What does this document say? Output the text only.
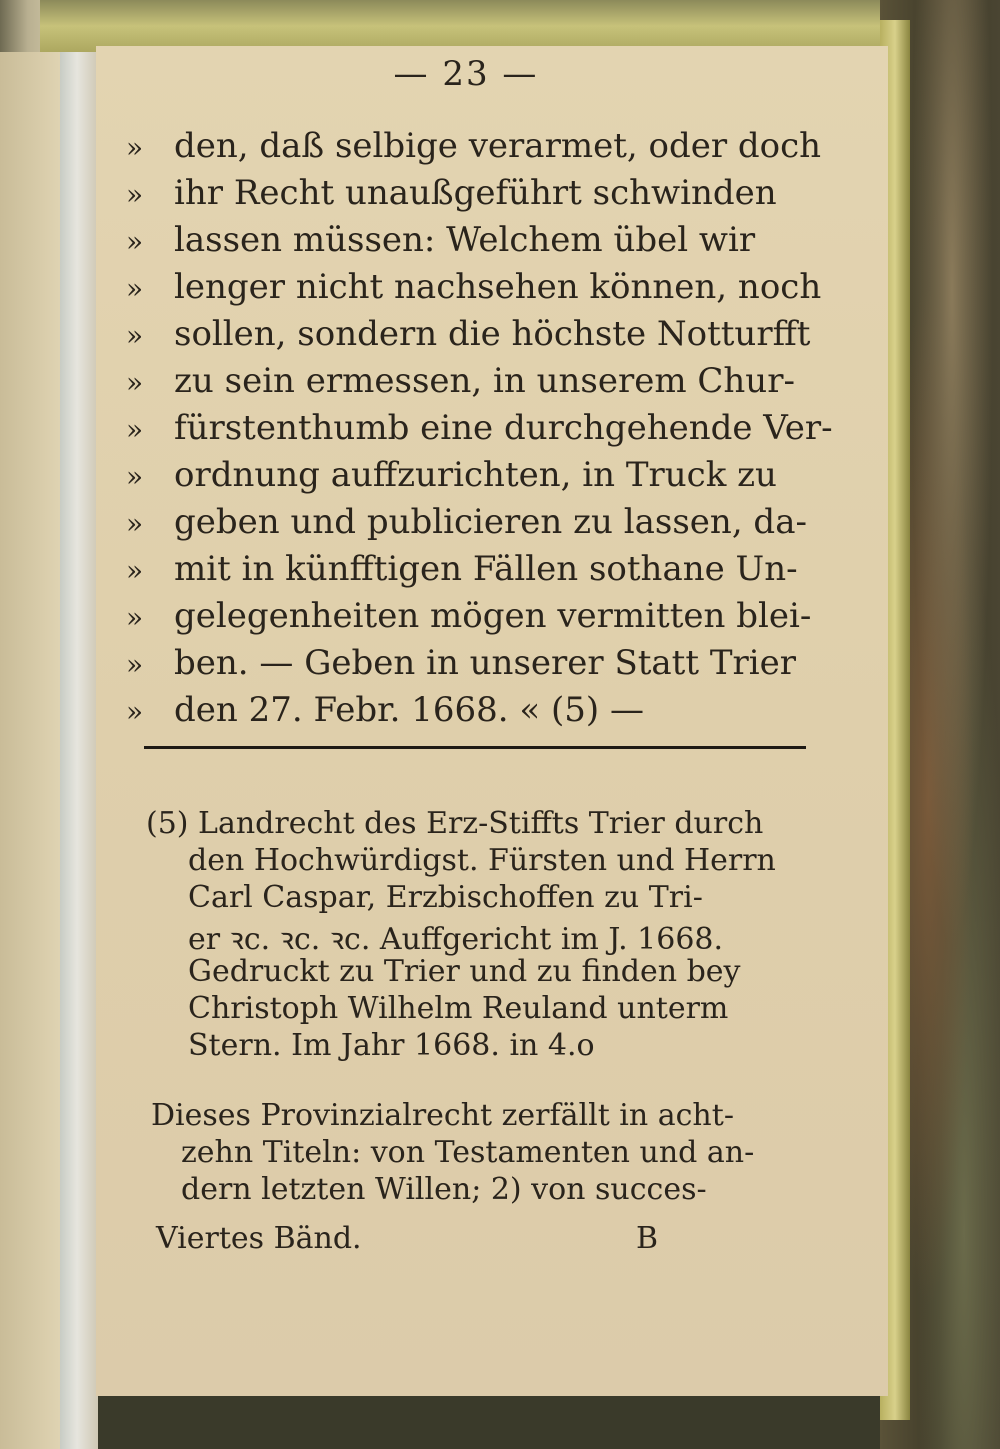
— 23 —
» den, daß selbige verarmet, oder doch
» ihr Recht unaußgeführt schwinden
» lassen müssen: Welchem übel wir
» lenger nicht nachsehen können, noch
» sollen, sondern die höchste Notturfft
» zu sein ermessen, in unserem Chur-
» fürstenthumb eine durchgehende Ver-
» ordnung auffzurichten, in Truck zu
» geben und publicieren zu lassen, da-
» mit in künfftigen Fällen sothane Un-
» gelegenheiten mögen vermitten blei-
» ben. — Geben in unserer Statt Trier
» den 27. Febr. 1668. « (5) —
(5) Landrecht des Erz-Stiffts Trier durch
den Hochwürdigst. Fürsten und Herrn
Carl Caspar, Erzbischoffen zu Tri-
er ꝛc. ꝛc. ꝛc. Auffgericht im J. 1668.
Gedruckt zu Trier und zu finden bey
Christoph Wilhelm Reuland unterm
Stern. Im Jahr 1668. in 4.o
Dieses Provinzialrecht zerfällt in acht-
zehn Titeln: von Testamenten und an-
dern letzten Willen; 2) von succes-
Viertes Bänd.	B
